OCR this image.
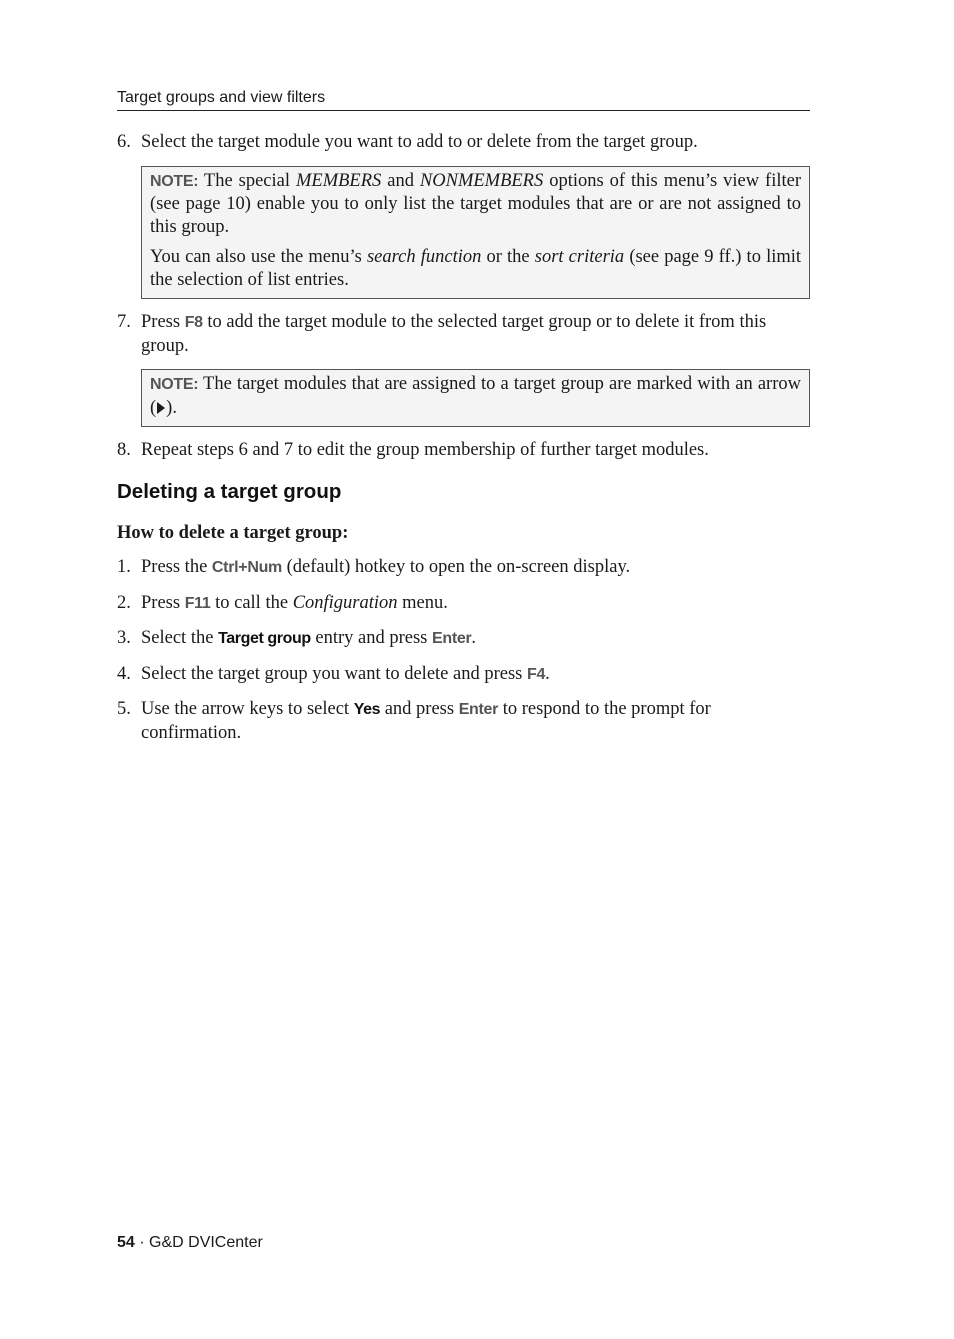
Target groups and view filters
6. Select the target module you want to add to or delete from the target group.

NOTE: The special MEMBERS and NONMEMBERS options of this menu’s view filter (see page 10) enable you to only list the target modules that are or are not assigned to this group.

You can also use the menu’s search function or the sort criteria (see page 9 ff.) to limit the selection of list entries.

7. Press F8 to add the target module to the selected target group or to delete it from this group.

NOTE: The target modules that are assigned to a target group are marked with an arrow ( ).

8. Repeat steps 6 and 7 to edit the group membership of further target modules.
Deleting a target group
How to delete a target group:
1. Press the Ctrl+Num (default) hotkey to open the on-screen display.
2. Press F11 to call the Configuration menu.
3. Select the Target group entry and press Enter.
4. Select the target group you want to delete and press F4.
5. Use the arrow keys to select Yes and press Enter to respond to the prompt for confirmation.
54 · G&D DVICenter
